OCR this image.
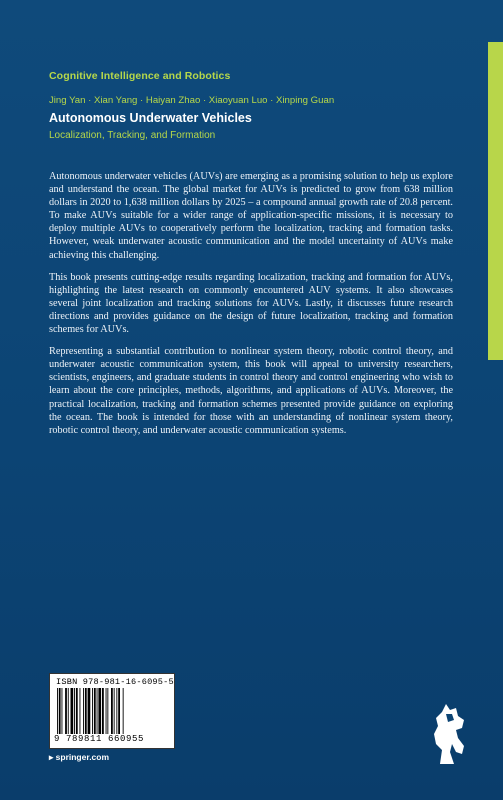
Cognitive Intelligence and Robotics
Jing Yan · Xian Yang · Haiyan Zhao · Xiaoyuan Luo · Xinping Guan
Autonomous Underwater Vehicles
Localization, Tracking, and Formation

Autonomous underwater vehicles (AUVs) are emerging as a promising solution to help us explore and understand the ocean. The global market for AUVs is predicted to grow from 638 million dollars in 2020 to 1,638 million dollars by 2025 – a compound annual growth rate of 20.8 percent. To make AUVs suitable for a wider range of application-specific missions, it is necessary to deploy multiple AUVs to cooperatively perform the localization, tracking and formation tasks. However, weak underwater acoustic communication and the model uncertainty of AUVs make achieving this challenging.

This book presents cutting-edge results regarding localization, tracking and formation for AUVs, highlighting the latest research on commonly encountered AUV systems. It also showcases several joint localization and tracking solutions for AUVs. Lastly, it discusses future research directions and provides guidance on the design of future localization, tracking and formation schemes for AUVs.

Representing a substantial contribution to nonlinear system theory, robotic control theory, and underwater acoustic communication system, this book will appeal to university researchers, scientists, engineers, and graduate students in control theory and control engineering who wish to learn about the core principles, methods, algorithms, and applications of AUVs. Moreover, the practical localization, tracking and formation schemes presented provide guidance on exploring the ocean. The book is intended for those with an understanding of nonlinear system theory, robotic control theory, and underwater acoustic communication systems.

ISBN 978-981-16-6095-5
9 789811 660955
▸ springer.com
